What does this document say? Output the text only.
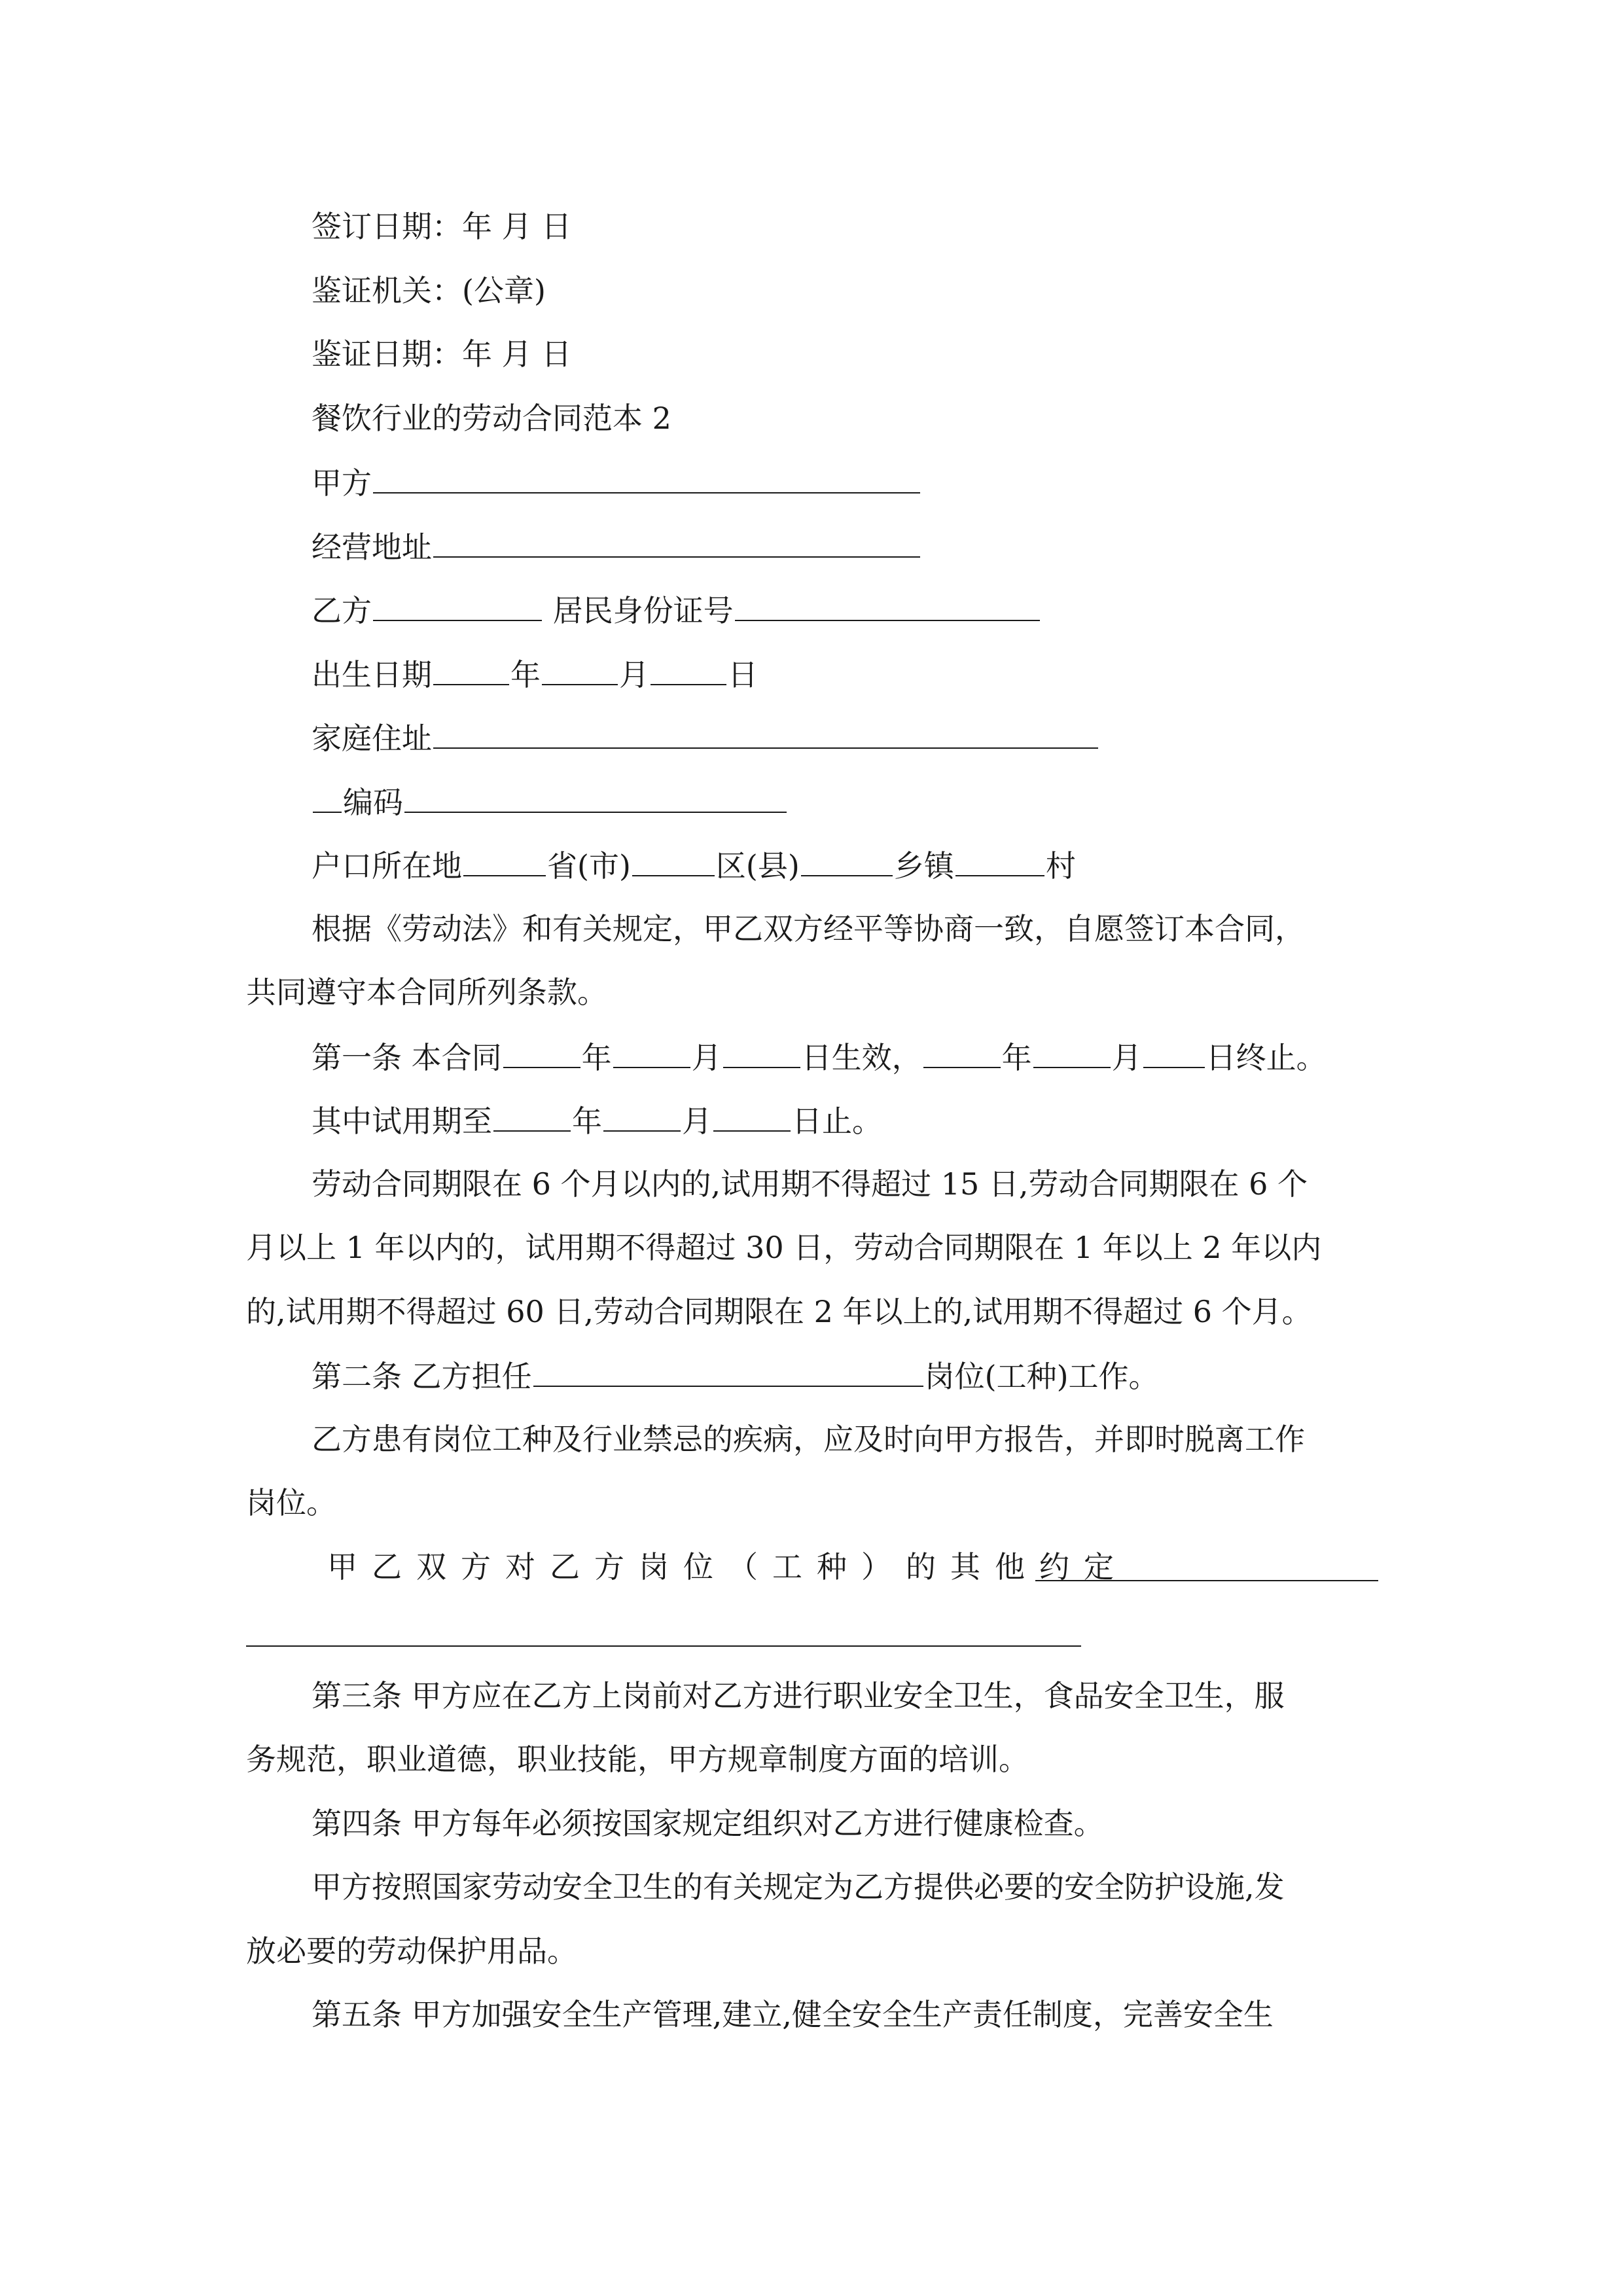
签订日期：年 月 日
鉴证机关：(公章)
鉴证日期：年 月 日
餐饮行业的劳动合同范本 2
甲方
经营地址
乙方	居民身份证号
出生日期	年	月	日
家庭住址
编码
户口所在地	省(市)	区(县)	乡镇	村
根据《劳动法》和有关规定，甲乙双方经平等协商一致，自愿签订本合同，
共同遵守本合同所列条款。
第一条 本合同	年	月	日生效，	年	月 日终止。
其中试用期至	年	月	日止。
劳动合同期限在 6 个月以内的,试用期不得超过 15 日,劳动合同期限在 6 个
月以上 1 年以内的，试用期不得超过 30 日，劳动合同期限在 1 年以上 2 年以内
的,试用期不得超过 60 日,劳动合同期限在 2 年以上的,试用期不得超过 6 个月。
第二条 乙方担任	岗位(工种)工作。
乙方患有岗位工种及行业禁忌的疾病，应及时向甲方报告，并即时脱离工作
岗位。
甲乙双方对乙方岗位（工种）的其他约定
第三条 甲方应在乙方上岗前对乙方进行职业安全卫生，食品安全卫生，服
务规范，职业道德，职业技能，甲方规章制度方面的培训。
第四条 甲方每年必须按国家规定组织对乙方进行健康检查。
甲方按照国家劳动安全卫生的有关规定为乙方提供必要的安全防护设施,发
放必要的劳动保护用品。
第五条 甲方加强安全生产管理,建立,健全安全生产责任制度，完善安全生
